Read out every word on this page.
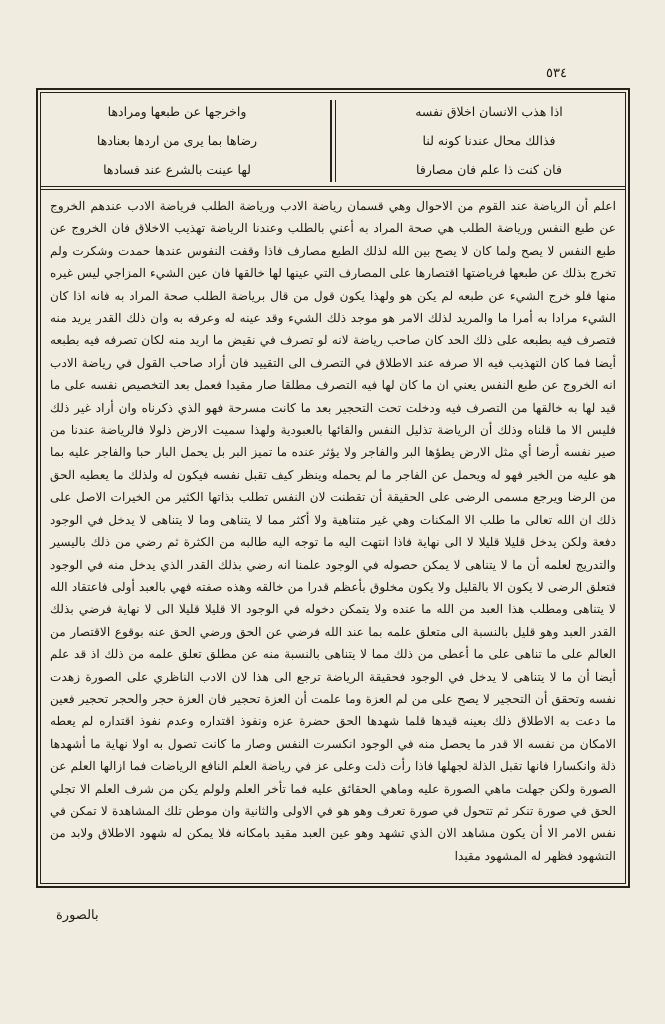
٥٣٤
واخرجها عن طبعها ومرادها
رضاها بما يرى من اردها بعنادها
لها عينت بالشرع عند فسادها
اذا هذب الانسان اخلاق نفسه
فذالك محال عندنا كونه لنا
فان كنت ذا علم فان مصارفا
اعلم أن الرياضة عند القوم من الاحوال وهي قسمان رياضة الادب ورياضة الطلب فرياضة الادب عندهم الخروج عن طبع النفس ورياضة الطلب هي صحة المراد به أعني بالطلب وعندنا الرياضة تهذيب الاخلاق فان الخروج عن طبع النفس لا يصح ولما كان لا يصح بين الله لذلك الطبع مصارف فاذا وقفت النفوس عندها حمدت وشكرت ولم تخرج بذلك عن طبعها فرياضتها اقتصارها على المصارف التي عينها لها خالقها فان عين الشيء المزاجي ليس غيره منها فلو خرج الشيء عن طبعه لم يكن هو ولهذا يكون قول من قال برياضة الطلب صحة المراد به فانه اذا كان الشيء مرادا به أمرا ما والمريد لذلك الامر هو موجد ذلك الشيء وقد عينه له وعرفه به وان ذلك القدر يريد منه فتصرف فيه بطبعه على ذلك الحد كان صاحب رياضة لانه لو تصرف في نقيض ما اريد منه لكان تصرفه فيه بطبعه أيضا فما كان التهذيب فيه الا صرفه عند الاطلاق في التصرف الى التقييد فان أراد صاحب القول في رياضة الادب انه الخروج عن طبع النفس يعني ان ما كان لها فيه التصرف مطلقا صار مقيدا فعمل بعد التخصيص نفسه على ما قيد لها به خالقها من التصرف فيه ودخلت تحت التحجير بعد ما كانت مسرحة فهو الذي ذكرناه وان أراد غير ذلك فليس الا ما قلناه وذلك أن الرياضة تذليل النفس والقائها بالعبودية ولهذا سميت الارض ذلولا فالرياضة عندنا من صير نفسه أرضا أي مثل الارض يطؤها البر والفاجر ولا يؤثر عنده ما تميز البر بل يحمل البار حبا والفاجر عليه بما هو عليه من الخير فهو له ويحمل عن الفاجر ما لم يحمله وينظر كيف تقبل نفسه فيكون له ولذلك ما يعطيه الحق من الرضا ويرجع مسمى الرضى على الحقيقة أن تقطنت لان النفس تطلب بذاتها الكثير من الخيرات الاصل على ذلك ان الله تعالى ما طلب الا المكنات وهي غير متناهية ولا أكثر مما لا يتناهى وما لا يتناهى لا يدخل في الوجود دفعة ولكن يدخل قليلا قليلا لا الى نهاية فاذا انتهت اليه ما توجه اليه طالبه من الكثرة ثم رضي من ذلك باليسير والتدريج لعلمه أن ما لا يتناهى لا يمكن حصوله في الوجود علمنا انه رضي بذلك القدر الذي يدخل منه في الوجود فتعلق الرضى لا يكون الا بالقليل ولا يكون مخلوق بأعظم قدرا من خالقه وهذه صفته فهي بالعبد أولى فاعتقاد الله لا يتناهى ومطلب هذا العبد من الله ما عنده ولا يتمكن دخوله في الوجود الا قليلا قليلا الى لا نهاية فرضي بذلك القدر العبد وهو قليل بالنسبة الى متعلق علمه بما عند الله فرضي عن الحق ورضي الحق عنه بوقوع الاقتصار من العالم على ما تناهى على ما أعطى من ذلك مما لا يتناهى بالنسبة منه عن مطلق تعلق علمه من ذلك اذ قد علم أيضا أن ما لا يتناهى لا يدخل في الوجود فحقيقة الرياضة ترجع الى هذا لان الادب الناظري على الصورة زهدت نفسه وتحقق أن التحجير لا يصح على من لم العزة وما علمت أن العزة تحجير فان العزة حجر والحجر تحجير فعين ما دعت به الاطلاق ذلك بعينه قيدها قلما شهدها الحق حضرة عزه ونفوذ اقتداره وعدم نفوذ اقتداره لم يعطه الامكان من نفسه الا قدر ما يحصل منه في الوجود انكسرت النفس وصار ما كانت تصول به اولا نهاية ما أشهدها ذلة وانكسارا فانها تقبل الذلة لجهلها فاذا رأت ذلت وعلى عز في رياضة العلم النافع الرياضات فما ازالها العلم عن الصورة ولكن جهلت ماهي الصورة عليه وماهي الحقائق عليه فما تأخر العلم ولولم يكن من شرف العلم الا تجلي الحق في صورة تنكر ثم تتحول في صورة تعرف وهو هو في الاولى والثانية وان موطن تلك المشاهدة لا تمكن في نفس الامر الا أن يكون مشاهد الان الذي تشهد وهو عين العبد مقيد بامكانه فلا يمكن له شهود الاطلاق ولابد من التشهود فظهر له المشهود مقيدا
بالصورة
